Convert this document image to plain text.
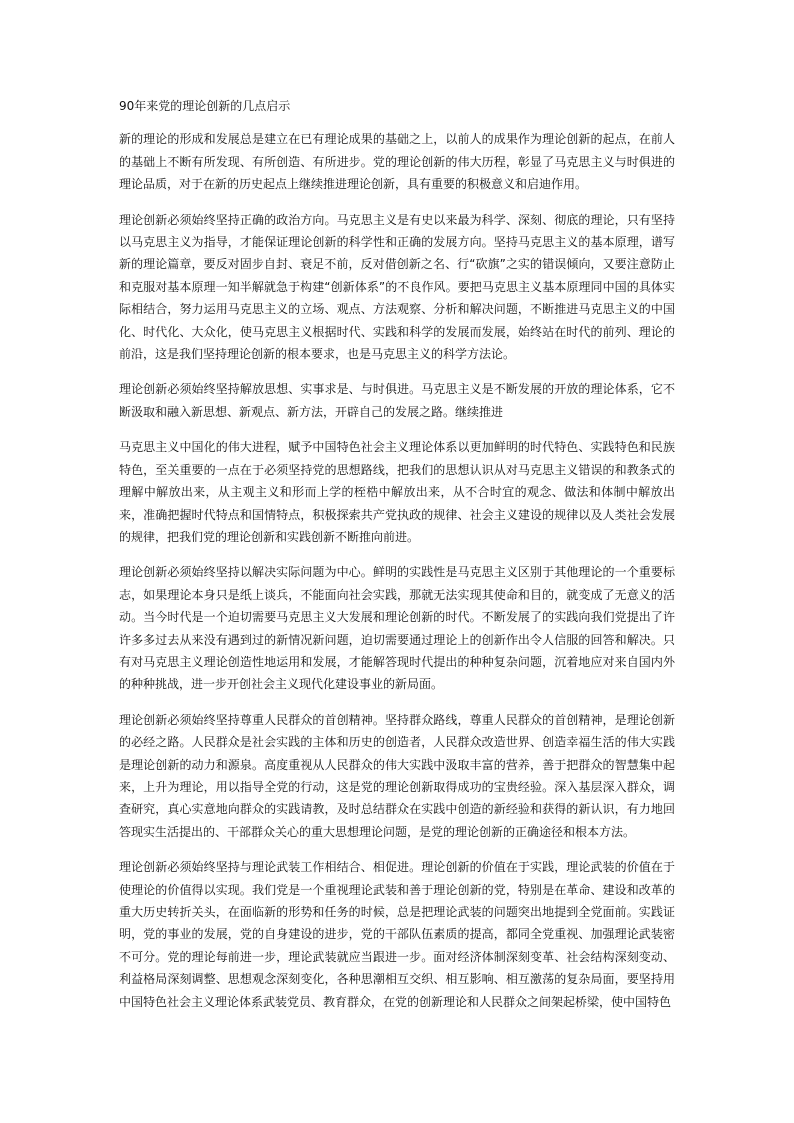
90年来党的理论创新的几点启示

新的理论的形成和发展总是建立在已有理论成果的基础之上，以前人的成果作为理论创新的起点，在前人的基础上不断有所发现、有所创造、有所进步。党的理论创新的伟大历程，彰显了马克思主义与时俱进的理论品质，对于在新的历史起点上继续推进理论创新，具有重要的积极意义和启迪作用。

理论创新必须始终坚持正确的政治方向。马克思主义是有史以来最为科学、深刻、彻底的理论，只有坚持以马克思主义为指导，才能保证理论创新的科学性和正确的发展方向。坚持马克思主义的基本原理，谱写新的理论篇章，要反对固步自封、衰足不前，反对借创新之名、行“砍旗”之实的错误倾向，又要注意防止和克服对基本原理一知半解就急于构建“创新体系”的不良作风。要把马克思主义基本原理同中国的具体实际相结合，努力运用马克思主义的立场、观点、方法观察、分析和解决问题，不断推进马克思主义的中国化、时代化、大众化，使马克思主义根据时代、实践和科学的发展而发展，始终站在时代的前列、理论的前沿，这是我们坚持理论创新的根本要求，也是马克思主义的科学方法论。

理论创新必须始终坚持解放思想、实事求是、与时俱进。马克思主义是不断发展的开放的理论体系，它不断汲取和融入新思想、新观点、新方法，开辟自己的发展之路。继续推进

马克思主义中国化的伟大进程，赋予中国特色社会主义理论体系以更加鲜明的时代特色、实践特色和民族特色，至关重要的一点在于必须坚持党的思想路线，把我们的思想认识从对马克思主义错误的和教条式的理解中解放出来，从主观主义和形而上学的桎梏中解放出来，从不合时宜的观念、做法和体制中解放出来，准确把握时代特点和国情特点，积极探索共产党执政的规律、社会主义建设的规律以及人类社会发展的规律，把我们党的理论创新和实践创新不断推向前进。

理论创新必须始终坚持以解决实际问题为中心。鲜明的实践性是马克思主义区别于其他理论的一个重要标志，如果理论本身只是纸上谈兵，不能面向社会实践，那就无法实现其使命和目的，就变成了无意义的活动。当今时代是一个迫切需要马克思主义大发展和理论创新的时代。不断发展了的实践向我们党提出了许许多多过去从来没有遇到过的新情况新问题，迫切需要通过理论上的创新作出令人信服的回答和解决。只有对马克思主义理论创造性地运用和发展，才能解答现时代提出的种种复杂问题，沉着地应对来自国内外的种种挑战，进一步开创社会主义现代化建设事业的新局面。

理论创新必须始终坚持尊重人民群众的首创精神。坚持群众路线，尊重人民群众的首创精神，是理论创新的必经之路。人民群众是社会实践的主体和历史的创造者，人民群众改造世界、创造幸福生活的伟大实践是理论创新的动力和源泉。高度重视从人民群众的伟大实践中汲取丰富的营养，善于把群众的智慧集中起来，上升为理论，用以指导全党的行动，这是党的理论创新取得成功的宝贵经验。深入基层深入群众，调查研究，真心实意地向群众的实践请教，及时总结群众在实践中创造的新经验和获得的新认识，有力地回答现实生活提出的、干部群众关心的重大思想理论问题，是党的理论创新的正确途径和根本方法。

理论创新必须始终坚持与理论武装工作相结合、相促进。理论创新的价值在于实践，理论武装的价值在于使理论的价值得以实现。我们党是一个重视理论武装和善于理论创新的党，特别是在革命、建设和改革的重大历史转折关头，在面临新的形势和任务的时候，总是把理论武装的问题突出地提到全党面前。实践证明，党的事业的发展，党的自身建设的进步，党的干部队伍素质的提高，都同全党重视、加强理论武装密不可分。党的理论每前进一步，理论武装就应当跟进一步。面对经济体制深刻变革、社会结构深刻变动、利益格局深刻调整、思想观念深刻变化，各种思潮相互交织、相互影响、相互激荡的复杂局面，要坚持用中国特色社会主义理论体系武装党员、教育群众，在党的创新理论和人民群众之间架起桥梁，使中国特色
